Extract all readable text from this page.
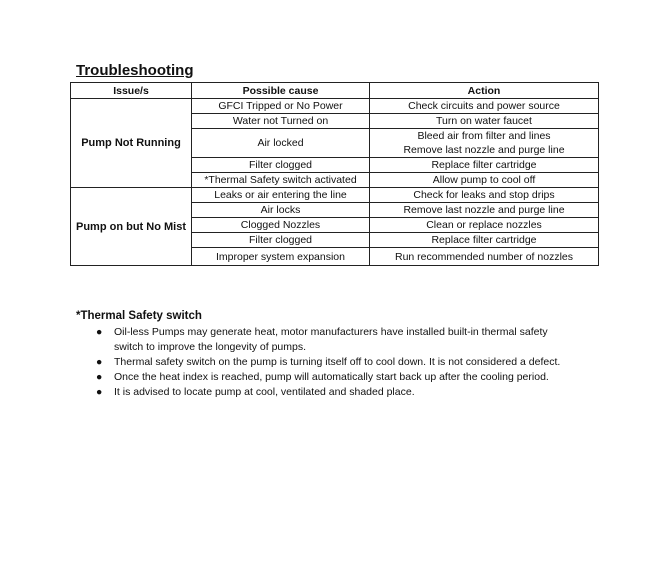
Troubleshooting
Issue/s	Possible cause	Action
Pump Not Running	GFCI Tripped or No Power	Check circuits and power source
	Water not Turned on	Turn on water faucet
	Air locked	Bleed air from filter and lines
		Remove last nozzle and purge line
	Filter clogged	Replace filter cartridge
	*Thermal Safety switch activated	Allow pump to cool off
Pump on but No Mist	Leaks or air entering the line	Check for leaks and stop drips
	Air locks	Remove last nozzle and purge line
	Clogged Nozzles	Clean or replace nozzles
	Filter clogged	Replace filter cartridge
	Improper system expansion	Run recommended number of nozzles
*Thermal Safety switch
● Oil-less Pumps may generate heat, motor manufacturers have installed built-in thermal safety switch to improve the longevity of pumps.
● Thermal safety switch on the pump is turning itself off to cool down. It is not considered a defect.
● Once the heat index is reached, pump will automatically start back up after the cooling period.
● It is advised to locate pump at cool, ventilated and shaded place.
